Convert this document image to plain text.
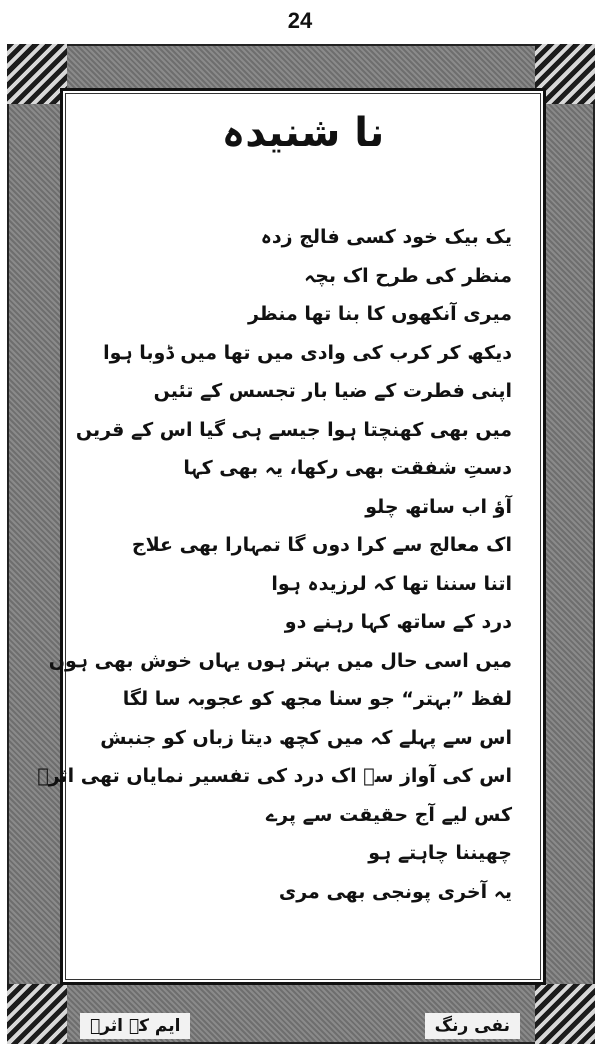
24
نا شنیدہ
یک بیک خود کسی فالج زدہ
منظر کی طرح اک بچہ
میری آنکھوں کا بنا تھا منظر
دیکھ کر کرب کی وادی میں تھا میں ڈوبا ہوا
اپنی فطرت کے ضیا بار تجسس کے تئیں
میں بھی کھنچتا ہوا جیسے ہی گیا اس کے قریں
دستِ شفقت بھی رکھا، یہ بھی کہا
آؤ اب ساتھ چلو
اک معالج سے کرا دوں گا تمہارا بھی علاج
اتنا سننا تھا کہ لرزیدہ ہوا
درد کے ساتھ کہا رہنے دو
میں اسی حال میں بہتر ہوں یہاں خوش بھی ہوں
لفظ ”بہتر“ جو سنا مجھ کو عجوبہ سا لگا
اس سے پہلے کہ میں کچھ دیتا زباں کو جنبش
اس کی آواز سے اک درد کی تفسیر نمایاں تھی اثرؔ
کس لیے آج حقیقت سے پرے
چھیننا چاہتے ہو
یہ آخری پونجی بھی مری
ایم کے اثرؔ	نفی رنگ
